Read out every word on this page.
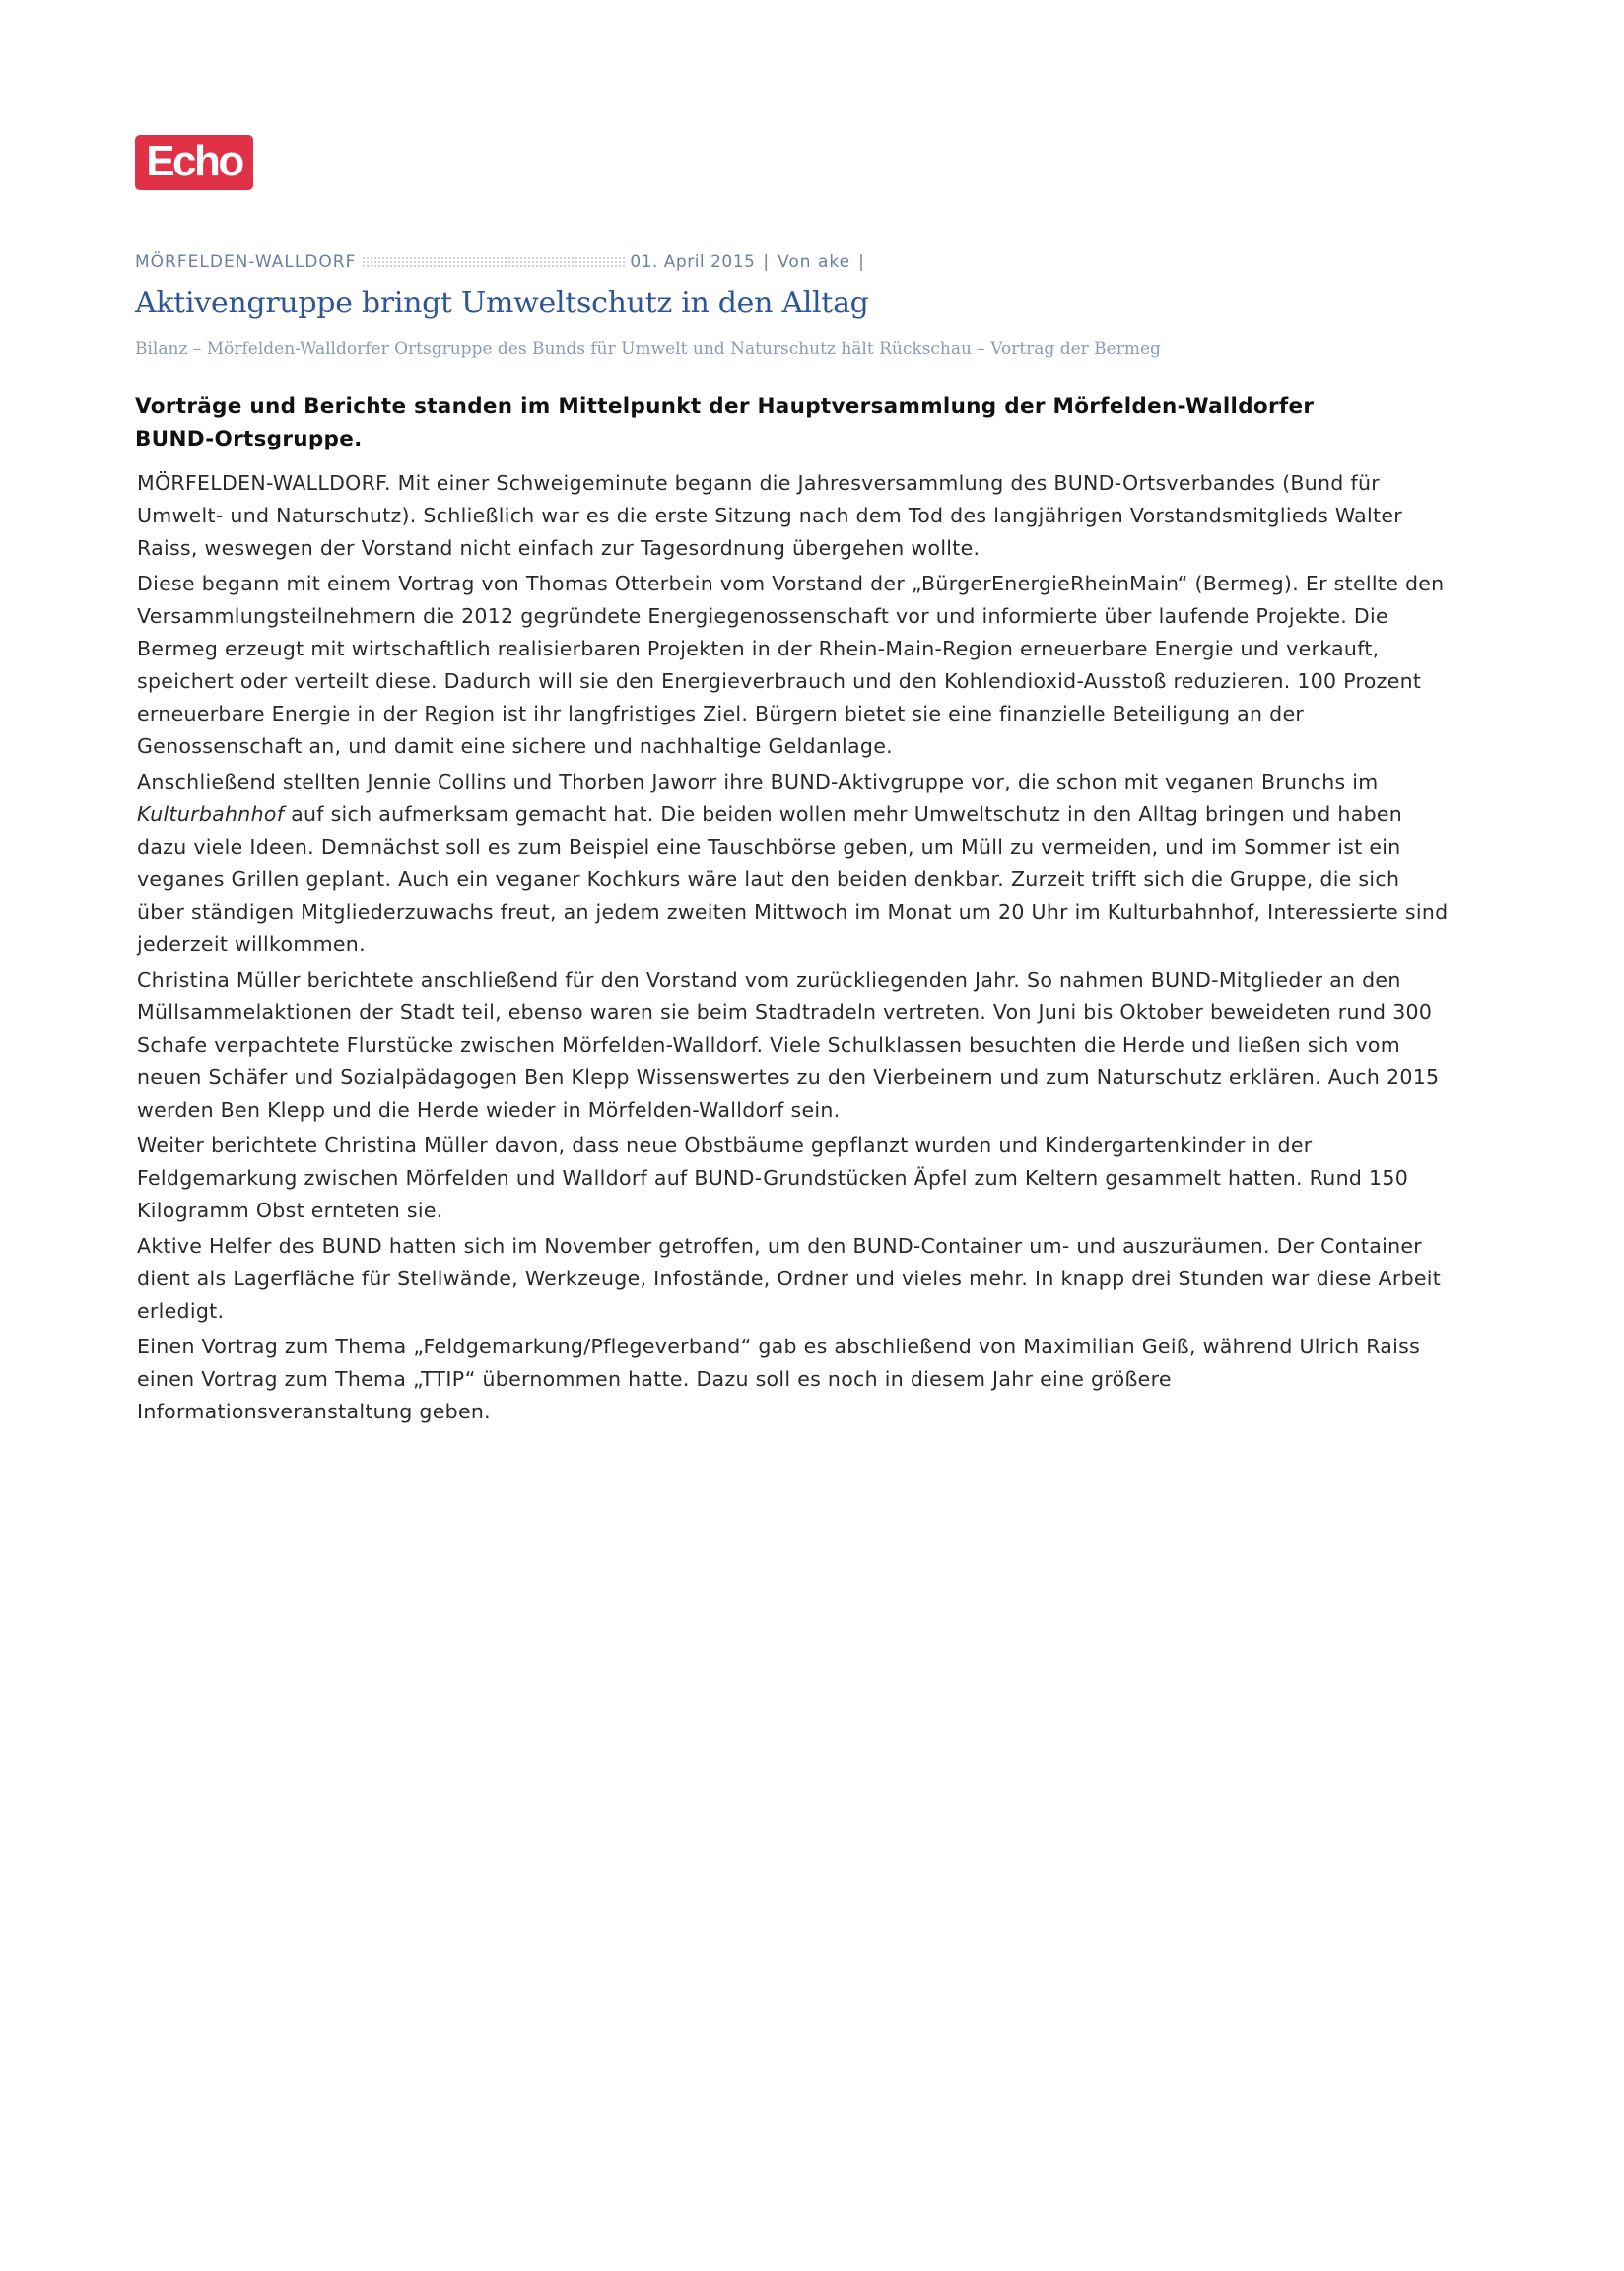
Echo
MÖRFELDEN-WALLDORF	01. April 2015 | Von ake |
Aktivengruppe bringt Umweltschutz in den Alltag
Bilanz – Mörfelden-Walldorfer Ortsgruppe des Bunds für Umwelt und Naturschutz hält Rückschau – Vortrag der Bermeg

Vorträge und Berichte standen im Mittelpunkt der Hauptversammlung der Mörfelden-Walldorfer BUND-Ortsgruppe.

MÖRFELDEN-WALLDORF. Mit einer Schweigeminute begann die Jahresversammlung des BUND-Ortsverbandes (Bund für Umwelt- und Naturschutz). Schließlich war es die erste Sitzung nach dem Tod des langjährigen Vorstandsmitglieds Walter Raiss, weswegen der Vorstand nicht einfach zur Tagesordnung übergehen wollte.

Diese begann mit einem Vortrag von Thomas Otterbein vom Vorstand der „BürgerEnergieRheinMain“ (Bermeg). Er stellte den Versammlungsteilnehmern die 2012 gegründete Energiegenossenschaft vor und informierte über laufende Projekte. Die Bermeg erzeugt mit wirtschaftlich realisierbaren Projekten in der Rhein-Main-Region erneuerbare Energie und verkauft, speichert oder verteilt diese. Dadurch will sie den Energieverbrauch und den Kohlendioxid-Ausstoß reduzieren. 100 Prozent erneuerbare Energie in der Region ist ihr langfristiges Ziel. Bürgern bietet sie eine finanzielle Beteiligung an der Genossenschaft an, und damit eine sichere und nachhaltige Geldanlage.

Anschließend stellten Jennie Collins und Thorben Jaworr ihre BUND-Aktivgruppe vor, die schon mit veganen Brunchs im Kulturbahnhof auf sich aufmerksam gemacht hat. Die beiden wollen mehr Umweltschutz in den Alltag bringen und haben dazu viele Ideen. Demnächst soll es zum Beispiel eine Tauschbörse geben, um Müll zu vermeiden, und im Sommer ist ein veganes Grillen geplant. Auch ein veganer Kochkurs wäre laut den beiden denkbar. Zurzeit trifft sich die Gruppe, die sich über ständigen Mitgliederzuwachs freut, an jedem zweiten Mittwoch im Monat um 20 Uhr im Kulturbahnhof, Interessierte sind jederzeit willkommen.

Christina Müller berichtete anschließend für den Vorstand vom zurückliegenden Jahr. So nahmen BUND-Mitglieder an den Müllsammelaktionen der Stadt teil, ebenso waren sie beim Stadtradeln vertreten. Von Juni bis Oktober beweideten rund 300 Schafe verpachtete Flurstücke zwischen Mörfelden-Walldorf. Viele Schulklassen besuchten die Herde und ließen sich vom neuen Schäfer und Sozialpädagogen Ben Klepp Wissenswertes zu den Vierbeinern und zum Naturschutz erklären. Auch 2015 werden Ben Klepp und die Herde wieder in Mörfelden-Walldorf sein.

Weiter berichtete Christina Müller davon, dass neue Obstbäume gepflanzt wurden und Kindergartenkinder in der Feldgemarkung zwischen Mörfelden und Walldorf auf BUND-Grundstücken Äpfel zum Keltern gesammelt hatten. Rund 150 Kilogramm Obst ernteten sie.

Aktive Helfer des BUND hatten sich im November getroffen, um den BUND-Container um- und auszuräumen. Der Container dient als Lagerfläche für Stellwände, Werkzeuge, Infostände, Ordner und vieles mehr. In knapp drei Stunden war diese Arbeit erledigt.

Einen Vortrag zum Thema „Feldgemarkung/Pflegeverband“ gab es abschließend von Maximilian Geiß, während Ulrich Raiss einen Vortrag zum Thema „TTIP“ übernommen hatte. Dazu soll es noch in diesem Jahr eine größere Informationsveranstaltung geben.
